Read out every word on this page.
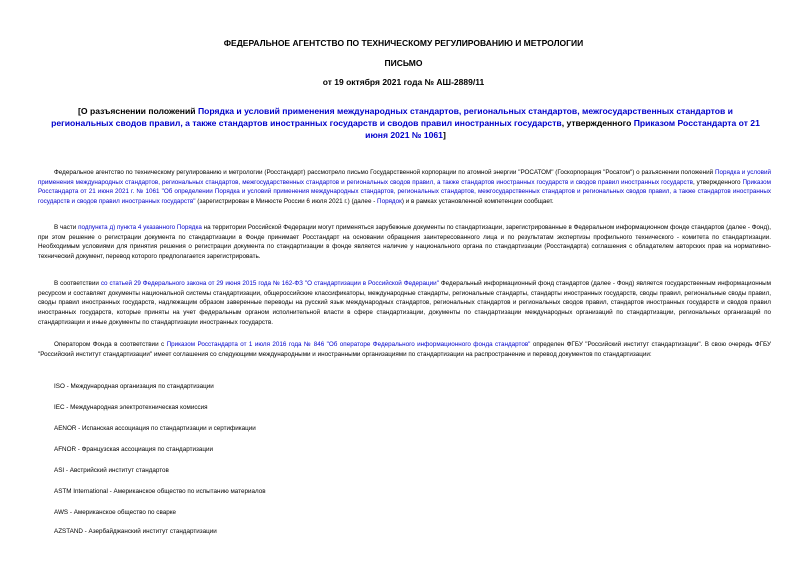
ФЕДЕРАЛЬНОЕ АГЕНТСТВО ПО ТЕХНИЧЕСКОМУ РЕГУЛИРОВАНИЮ И МЕТРОЛОГИИ
ПИСЬМО
от 19 октября 2021 года № АШ-2889/11
[О разъяснении положений Порядка и условий применения международных стандартов, региональных стандартов, межгосударственных стандартов и региональных сводов правил, а также стандартов иностранных государств и сводов правил иностранных государств, утвержденного Приказом Росстандарта от 21 июня 2021 № 1061]

Федеральное агентство по техническому регулированию и метрологии (Росстандарт) рассмотрело письмо Государственной корпорации по атомной энергии "РОСАТОМ" (Госкорпорация "Росатом") о разъяснении положений Порядка и условий применения международных стандартов, региональных стандартов, межгосударственных стандартов и региональных сводов правил, а также стандартов иностранных государств и сводов правил иностранных государств, утвержденного Приказом Росстандарта от 21 июня 2021 г. № 1061 "Об определении Порядка и условий применения международных стандартов, региональных стандартов, межгосударственных стандартов и региональных сводов правил, а также стандартов иностранных государств и сводов правил иностранных государств" (зарегистрирован в Минюсте России 6 июля 2021 г.) (далее - Порядок) и в рамках установленной компетенции сообщает.

В части подпункта д) пункта 4 указанного Порядка на территории Российской Федерации могут применяться зарубежные документы по стандартизации, зарегистрированные в Федеральном информационном фонде стандартов (далее - Фонд), при этом решение о регистрации документа по стандартизации в Фонде принимает Росстандарт на основании обращения заинтересованного лица и по результатам экспертизы профильного технического - комитета по стандартизации. Необходимым условиями для принятия решения о регистрации документа по стандартизации в фонде является наличие у национального органа по стандартизации (Росстандарта) соглашения с обладателем авторских прав на нормативно-технический документ, перевод которого предполагается зарегистрировать.

В соответствии со статьей 29 Федерального закона от 29 июня 2015 года № 162-ФЗ "О стандартизации в Российской Федерации" Федеральный информационный фонд стандартов (далее - Фонд) является государственным информационным ресурсом и составляет документы национальной системы стандартизации, общероссийские классификаторы, международные стандарты, региональные стандарты, стандарты иностранных государств, своды правил, региональные своды правил, своды правил иностранных государств, надлежащим образом заверенные переводы на русский язык международных стандартов, региональных стандартов и региональных сводов правил, стандартов иностранных государств и сводов правил иностранных государств, которые приняты на учет федеральным органом исполнительной власти в сфере стандартизации, документы по стандартизации международных организаций по стандартизации, региональных организаций по стандартизации и иные документы по стандартизации иностранных государств.

Оператором Фонда в соответствии с Приказом Росстандарта от 1 июля 2016 года № 846 "Об операторе Федерального информационного фонда стандартов" определен ФГБУ "Российский институт стандартизации". В свою очередь ФГБУ "Российский институт стандартизации" имеет соглашения со следующими международными и иностранными организациями по стандартизации на распространение и перевод документов по стандартизации:

ISO - Международная организация по стандартизации
IEC - Международная электротехническая комиссия
AENOR - Испанская ассоциация по стандартизации и сертификации
AFNOR - Французская ассоциация по стандартизации
ASI - Австрийский институт стандартов
ASTM International - Американское общество по испытанию материалов
AWS - Американское общество по сварке
AZSTAND - Азербайджанский институт стандартизации
